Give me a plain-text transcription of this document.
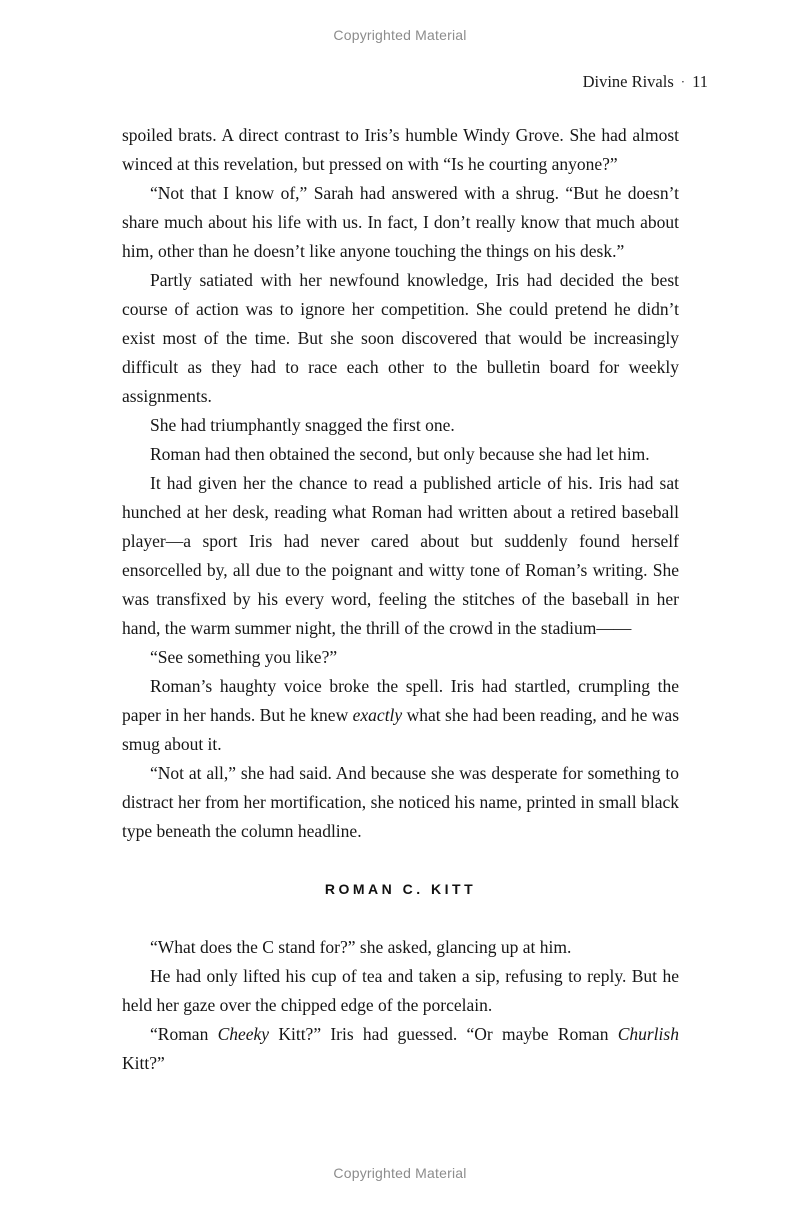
Copyrighted Material
Divine Rivals · 11

spoiled brats. A direct contrast to Iris’s humble Windy Grove. She had almost winced at this revelation, but pressed on with “Is he courting anyone?”

“Not that I know of,” Sarah had answered with a shrug. “But he doesn’t share much about his life with us. In fact, I don’t really know that much about him, other than he doesn’t like anyone touching the things on his desk.”

Partly satiated with her newfound knowledge, Iris had decided the best course of action was to ignore her competition. She could pretend he didn’t exist most of the time. But she soon discovered that would be increasingly difficult as they had to race each other to the bulletin board for weekly assignments.

She had triumphantly snagged the first one.

Roman had then obtained the second, but only because she had let him.

It had given her the chance to read a published article of his. Iris had sat hunched at her desk, reading what Roman had written about a retired baseball player—a sport Iris had never cared about but suddenly found herself ensorcelled by, all due to the poignant and witty tone of Roman’s writing. She was transfixed by his every word, feeling the stitches of the baseball in her hand, the warm summer night, the thrill of the crowd in the stadium——

“See something you like?”

Roman’s haughty voice broke the spell. Iris had startled, crumpling the paper in her hands. But he knew exactly what she had been reading, and he was smug about it.

“Not at all,” she had said. And because she was desperate for something to distract her from her mortification, she noticed his name, printed in small black type beneath the column headline.

ROMAN C. KITT

“What does the C stand for?” she asked, glancing up at him.

He had only lifted his cup of tea and taken a sip, refusing to reply. But he held her gaze over the chipped edge of the porcelain.

“Roman Cheeky Kitt?” Iris had guessed. “Or maybe Roman Churlish Kitt?”

Copyrighted Material
